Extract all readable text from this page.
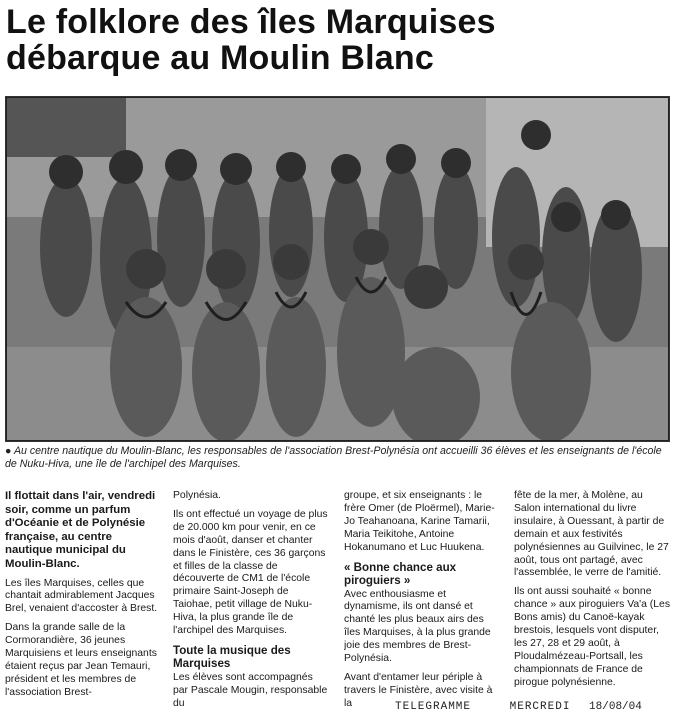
Le folklore des îles Marquises
débarque au Moulin Blanc
● Au centre nautique du Moulin-Blanc, les responsables de l'association Brest-Polynésia ont accueilli 36 élèves et les enseignants de l'école de Nuku-Hiva, une île de l'archipel des Marquises.

Il flottait dans l'air, vendredi soir, comme un parfum d'Océanie et de Polynésie française, au centre nautique municipal du Moulin-Blanc.

Les îles Marquises, celles que chantait admirablement Jacques Brel, venaient d'accoster à Brest.

Dans la grande salle de la Cormorandière, 36 jeunes Marquisiens et leurs enseignants étaient reçus par Jean Temauri, président et les membres de l'association Brest-

Polynésia.

Ils ont effectué un voyage de plus de 20.000 km pour venir, en ce mois d'août, danser et chanter dans le Finistère, ces 36 garçons et filles de la classe de découverte de CM1 de l'école primaire Saint-Joseph de Taiohae, petit village de Nuku-Hiva, la plus grande île de l'archipel des Marquises.

Toute la musique des Marquises

Les élèves sont accompagnés par Pascale Mougin, responsable du

groupe, et six enseignants : le frère Omer (de Ploërmel), Marie-Jo Teahanoana, Karine Tamarii, Maria Teikitohe, Antoine Hokanumano et Luc Huukena.

« Bonne chance aux piroguiers »

Avec enthousiasme et dynamisme, ils ont dansé et chanté les plus beaux airs des îles Marquises, à la plus grande joie des membres de Brest-Polynésia.

Avant d'entamer leur périple à travers le Finistère, avec visite à la

fête de la mer, à Molène, au Salon international du livre insulaire, à Ouessant, à partir de demain et aux festivités polynésiennes au Guilvinec, le 27 août, tous ont partagé, avec l'assemblée, le verre de l'amitié.

Ils ont aussi souhaité « bonne chance » aux piroguiers Va'a (Les Bons amis) du Canoë-kayak brestois, lesquels vont disputer, les 27, 28 et 29 août, à Ploudalmézeau-Portsall, les championnats de France de pirogue polynésienne.

TELEGRAMME	MERCREDI 18/08/04
